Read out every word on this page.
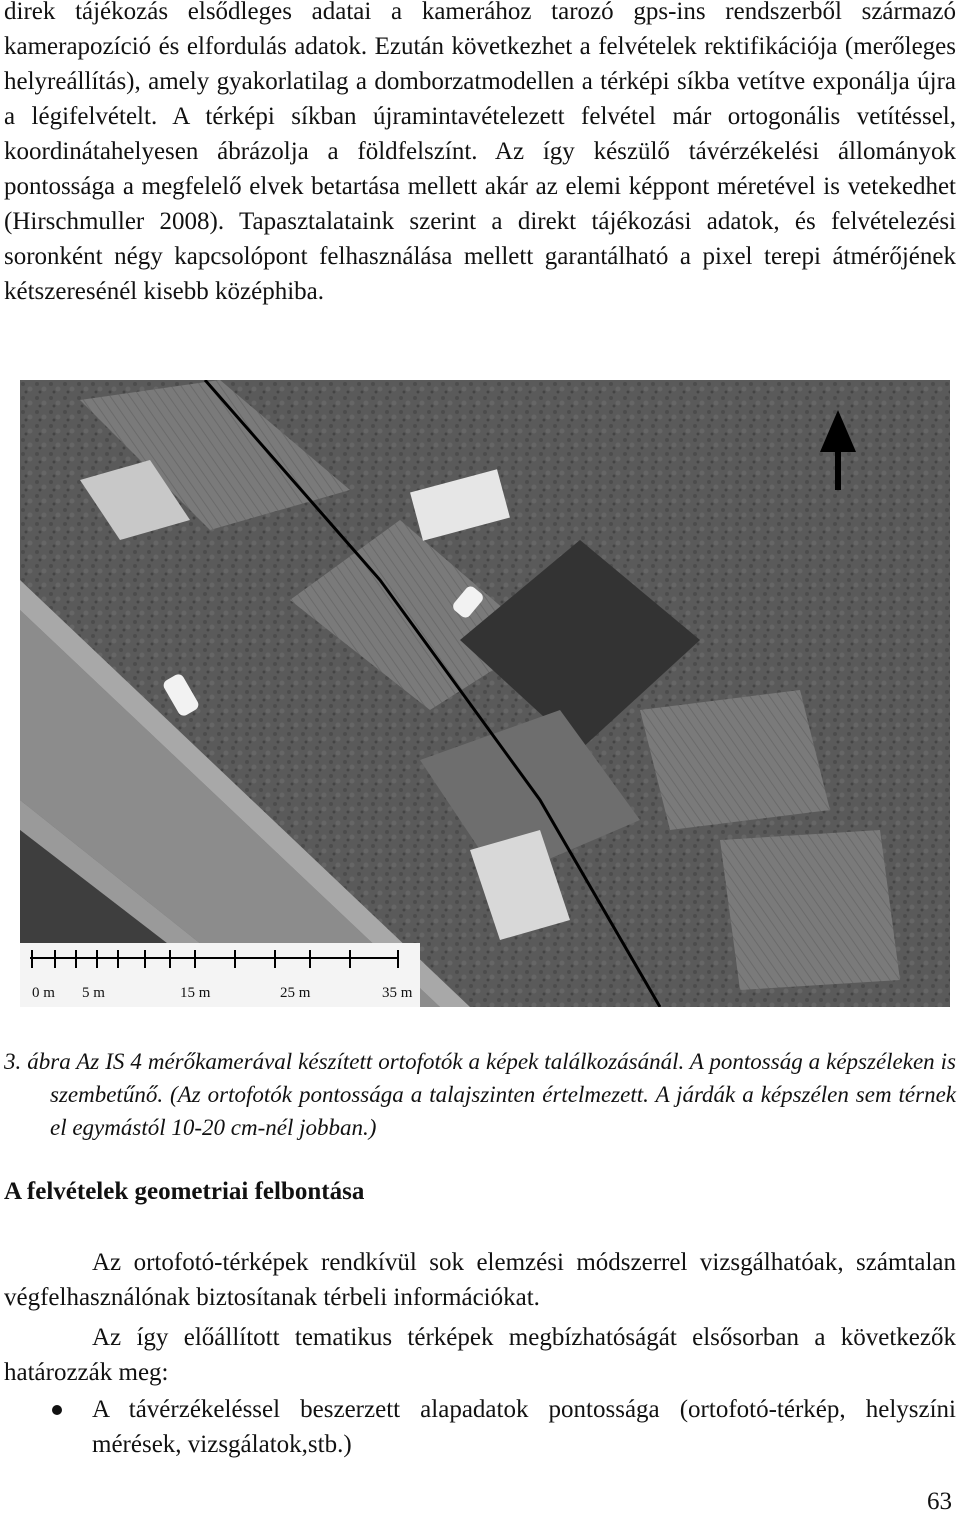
direk tájékozás elsődleges adatai a kamerához tarozó gps-ins rendszerből származó kamerapozíció és elfordulás adatok. Ezután következhet a felvételek rektifikációja (merőleges helyreállítás), amely gyakorlatilag a domborzatmodellen a térképi síkba vetítve exponálja újra a légifelvételt. A térképi síkban újramintavételezett felvétel már ortogonális vetítéssel, koordinátahelyesen ábrázolja a földfelszínt. Az így készülő távérzékelési állományok pontossága a megfelelő elvek betartása mellett akár az elemi képpont méretével is vetekedhet (Hirschmuller 2008). Tapasztalataink szerint a direkt tájékozási adatok, és felvételezési soronként négy kapcsolópont felhasználása mellett garantálható a pixel terepi átmérőjének kétszeresénél kisebb középhiba.

0 m 5 m	15 m	25 m	35 m

3. ábra Az IS 4 mérőkamerával készített ortofotók a képek találkozásánál. A pontosság a képszéleken is szembetűnő. (Az ortofotók pontossága a talajszinten értelmezett. A járdák a képszélen sem térnek el egymástól 10-20 cm-nél jobban.)

A felvételek geometriai felbontása

Az ortofotó-térképek rendkívül sok elemzési módszerrel vizsgálhatóak, számtalan végfelhasználónak biztosítanak térbeli információkat.

Az így előállított tematikus térképek megbízhatóságát elsősorban a következők határozzák meg:

A távérzékeléssel beszerzett alapadatok pontossága (ortofotó-térkép, helyszíni mérések, vizsgálatok,stb.)

63
